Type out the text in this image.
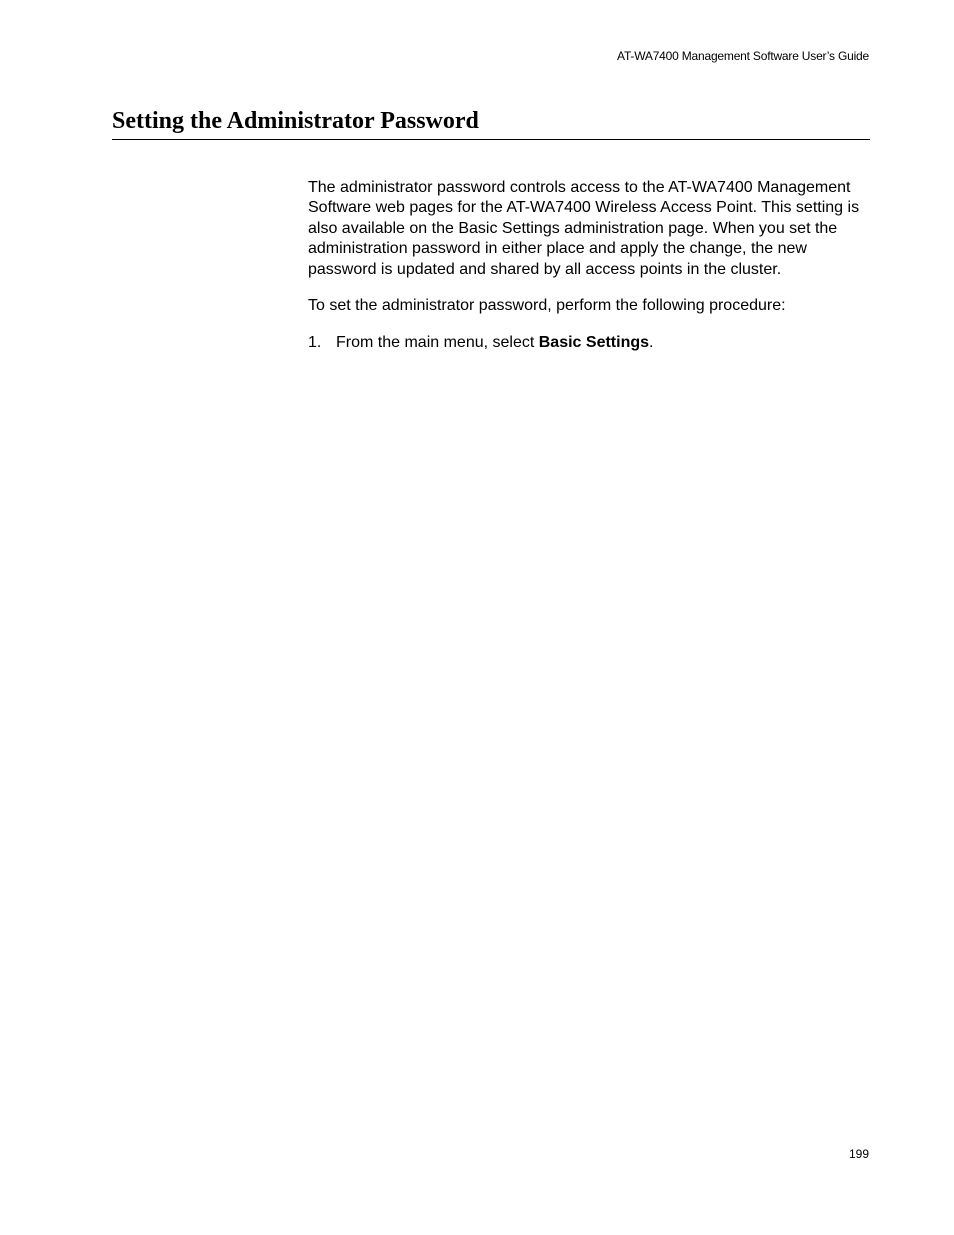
AT-WA7400 Management Software User’s Guide
Setting the Administrator Password

The administrator password controls access to the AT-WA7400 Management Software web pages for the AT-WA7400 Wireless Access Point. This setting is also available on the Basic Settings administration page. When you set the administration password in either place and apply the change, the new password is updated and shared by all access points in the cluster.

To set the administrator password, perform the following procedure:

1. From the main menu, select Basic Settings.
199
